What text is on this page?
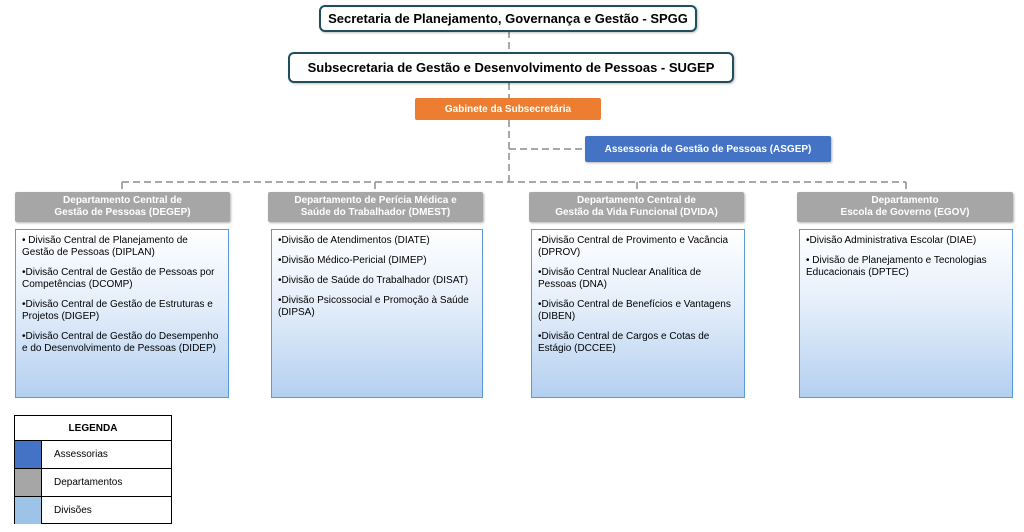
Secretaria de Planejamento, Governança e Gestão - SPGG
Subsecretaria de Gestão e Desenvolvimento de Pessoas - SUGEP
Gabinete da Subsecretária
Assessoria de Gestão de Pessoas (ASGEP)
Departamento Central de
Gestão de Pessoas (DEGEP)
Departamento de Perícia Médica e
Saúde do Trabalhador (DMEST)
Departamento Central de
Gestão da Vida Funcional (DVIDA)
Departamento
Escola de Governo (EGOV)
• Divisão Central de Planejamento de Gestão de Pessoas (DIPLAN)
•Divisão Central de Gestão de Pessoas por Competências (DCOMP)
•Divisão Central de Gestão de Estruturas e Projetos (DIGEP)
•Divisão Central de Gestão do Desempenho e do Desenvolvimento de Pessoas (DIDEP)
•Divisão de Atendimentos (DIATE)
•Divisão Médico-Pericial (DIMEP)
•Divisão de Saúde do Trabalhador (DISAT)
•Divisão Psicossocial e Promoção à Saúde (DIPSA)
•Divisão Central de Provimento e Vacância (DPROV)
•Divisão Central Nuclear Analítica de Pessoas (DNA)
•Divisão Central de Benefícios e Vantagens (DIBEN)
•Divisão Central de Cargos e Cotas de Estágio (DCCEE)
•Divisão Administrativa Escolar (DIAE)
• Divisão de Planejamento e Tecnologias Educacionais (DPTEC)
LEGENDA
Assessorias
Departamentos
Divisões
